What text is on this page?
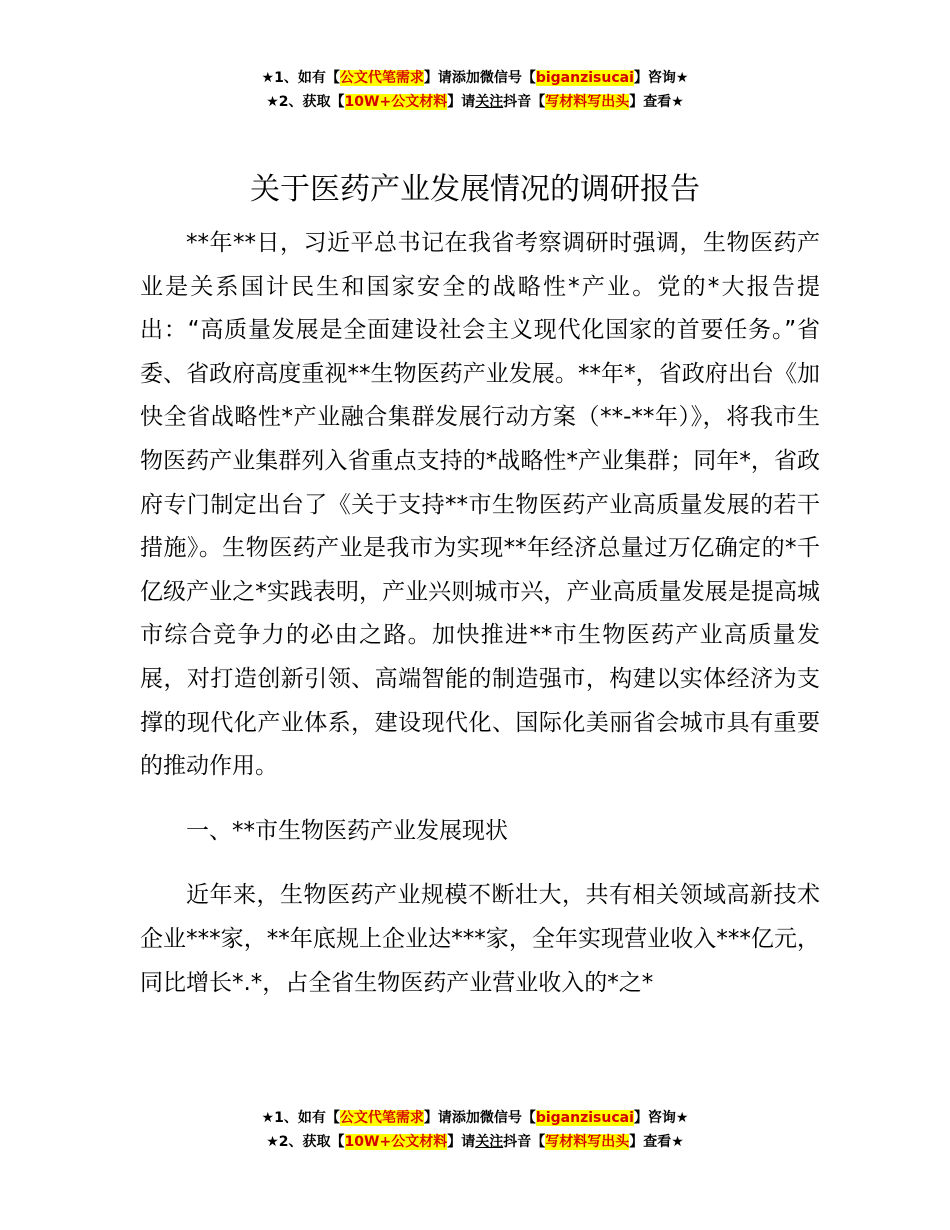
★1、如有【公文代笔需求】请添加微信号【biganzisucai】咨询★
★2、获取【10W+公文材料】请关注抖音【写材料写出头】查看★
关于医药产业发展情况的调研报告

**年**日，习近平总书记在我省考察调研时强调，生物医药产业是关系国计民生和国家安全的战略性*产业。党的*大报告提出：“高质量发展是全面建设社会主义现代化国家的首要任务。”省委、省政府高度重视**生物医药产业发展。**年*，省政府出台《加快全省战略性*产业融合集群发展行动方案（**-**年）》，将我市生物医药产业集群列入省重点支持的*战略性*产业集群；同年*，省政府专门制定出台了《关于支持**市生物医药产业高质量发展的若干措施》。生物医药产业是我市为实现**年经济总量过万亿确定的*千亿级产业之*实践表明，产业兴则城市兴，产业高质量发展是提高城市综合竞争力的必由之路。加快推进**市生物医药产业高质量发展，对打造创新引领、高端智能的制造强市，构建以实体经济为支撑的现代化产业体系，建设现代化、国际化美丽省会城市具有重要的推动作用。

一、**市生物医药产业发展现状

近年来，生物医药产业规模不断壮大，共有相关领域高新技术企业***家，**年底规上企业达***家，全年实现营业收入***亿元，同比增长*.*，占全省生物医药产业营业收入的*之*

★1、如有【公文代笔需求】请添加微信号【biganzisucai】咨询★
★2、获取【10W+公文材料】请关注抖音【写材料写出头】查看★
